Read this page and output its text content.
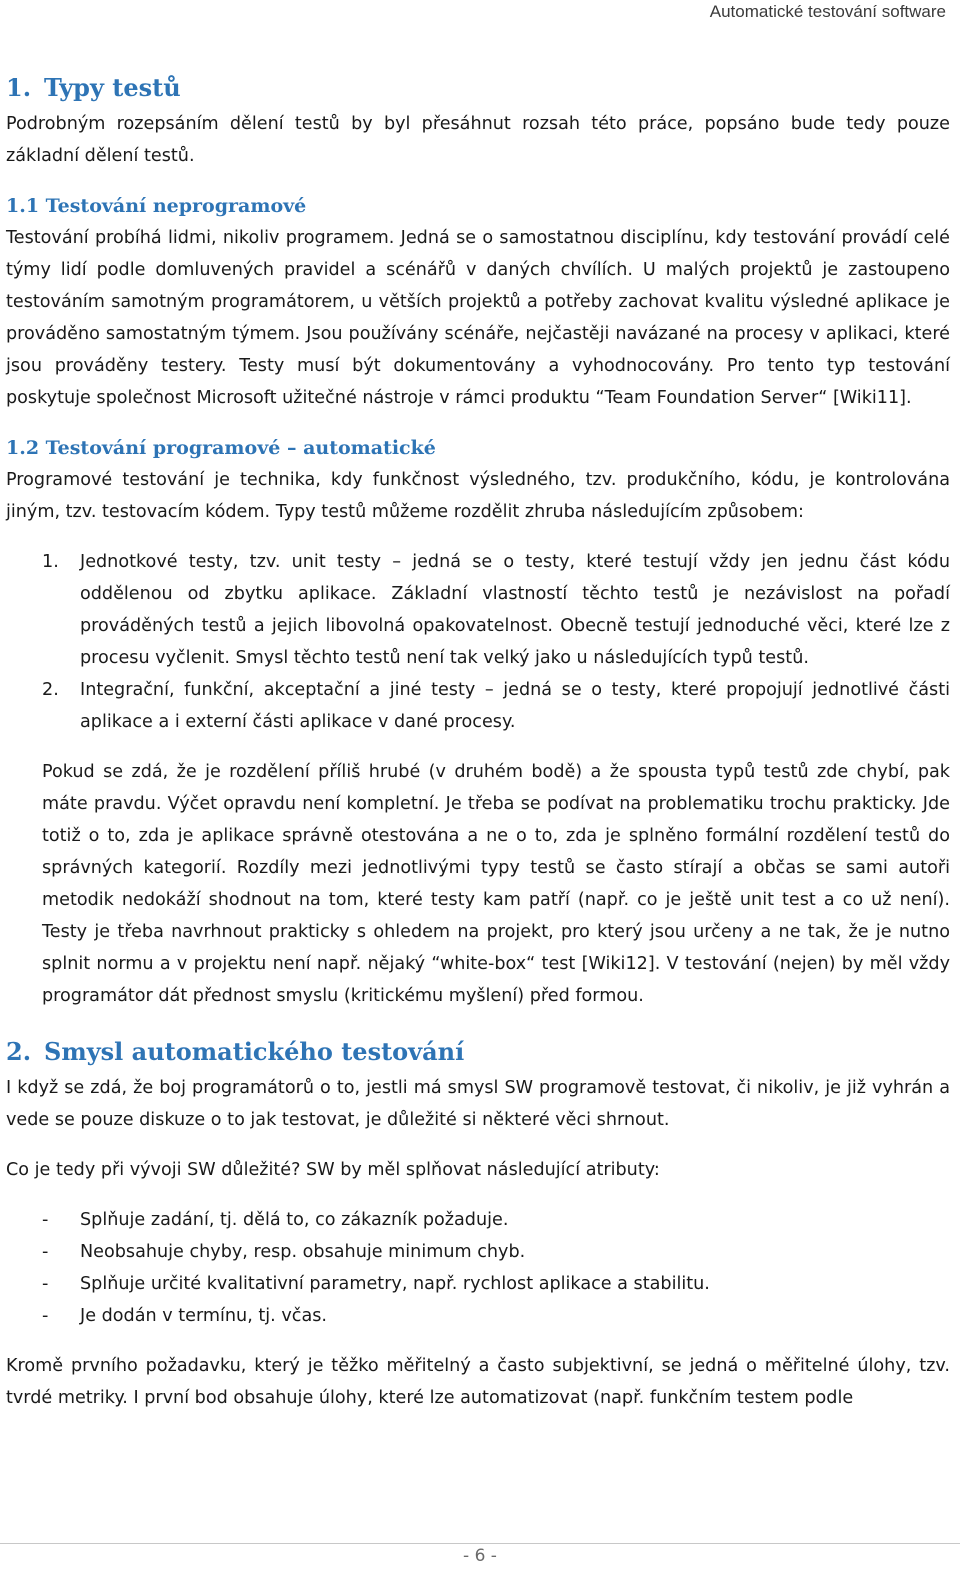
Automatické testování software
1. Typy testů

Podrobným rozepsáním dělení testů by byl přesáhnut rozsah této práce, popsáno bude tedy pouze základní dělení testů.

1.1 Testování neprogramové

Testování probíhá lidmi, nikoliv programem. Jedná se o samostatnou disciplínu, kdy testování provádí celé týmy lidí podle domluvených pravidel a scénářů v daných chvílích. U malých projektů je zastoupeno testováním samotným programátorem, u větších projektů a potřeby zachovat kvalitu výsledné aplikace je prováděno samostatným týmem. Jsou používány scénáře, nejčastěji navázané na procesy v aplikaci, které jsou prováděny testery. Testy musí být dokumentovány a vyhodnocovány. Pro tento typ testování poskytuje společnost Microsoft užitečné nástroje v rámci produktu “Team Foundation Server“ [Wiki11].

1.2 Testování programové – automatické

Programové testování je technika, kdy funkčnost výsledného, tzv. produkčního, kódu, je kontrolována jiným, tzv. testovacím kódem. Typy testů můžeme rozdělit zhruba následujícím způsobem:

1. Jednotkové testy, tzv. unit testy – jedná se o testy, které testují vždy jen jednu část kódu oddělenou od zbytku aplikace. Základní vlastností těchto testů je nezávislost na pořadí prováděných testů a jejich libovolná opakovatelnost. Obecně testují jednoduché věci, které lze z procesu vyčlenit. Smysl těchto testů není tak velký jako u následujících typů testů.
2. Integrační, funkční, akceptační a jiné testy – jedná se o testy, které propojují jednotlivé části aplikace a i externí části aplikace v dané procesy.

Pokud se zdá, že je rozdělení příliš hrubé (v druhém bodě) a že spousta typů testů zde chybí, pak máte pravdu. Výčet opravdu není kompletní. Je třeba se podívat na problematiku trochu prakticky. Jde totiž o to, zda je aplikace správně otestována a ne o to, zda je splněno formální rozdělení testů do správných kategorií. Rozdíly mezi jednotlivými typy testů se často stírají a občas se sami autoři metodik nedokáží shodnout na tom, které testy kam patří (např. co je ještě unit test a co už není). Testy je třeba navrhnout prakticky s ohledem na projekt, pro který jsou určeny a ne tak, že je nutno splnit normu a v projektu není např. nějaký “white-box“ test [Wiki12]. V testování (nejen) by měl vždy programátor dát přednost smyslu (kritickému myšlení) před formou.

2. Smysl automatického testování

I když se zdá, že boj programátorů o to, jestli má smysl SW programově testovat, či nikoliv, je již vyhrán a vede se pouze diskuze o to jak testovat, je důležité si některé věci shrnout.

Co je tedy při vývoji SW důležité? SW by měl splňovat následující atributy:

- Splňuje zadání, tj. dělá to, co zákazník požaduje.
- Neobsahuje chyby, resp. obsahuje minimum chyb.
- Splňuje určité kvalitativní parametry, např. rychlost aplikace a stabilitu.
- Je dodán v termínu, tj. včas.

Kromě prvního požadavku, který je těžko měřitelný a často subjektivní, se jedná o měřitelné úlohy, tzv. tvrdé metriky. I první bod obsahuje úlohy, které lze automatizovat (např. funkčním testem podle

- 6 -
